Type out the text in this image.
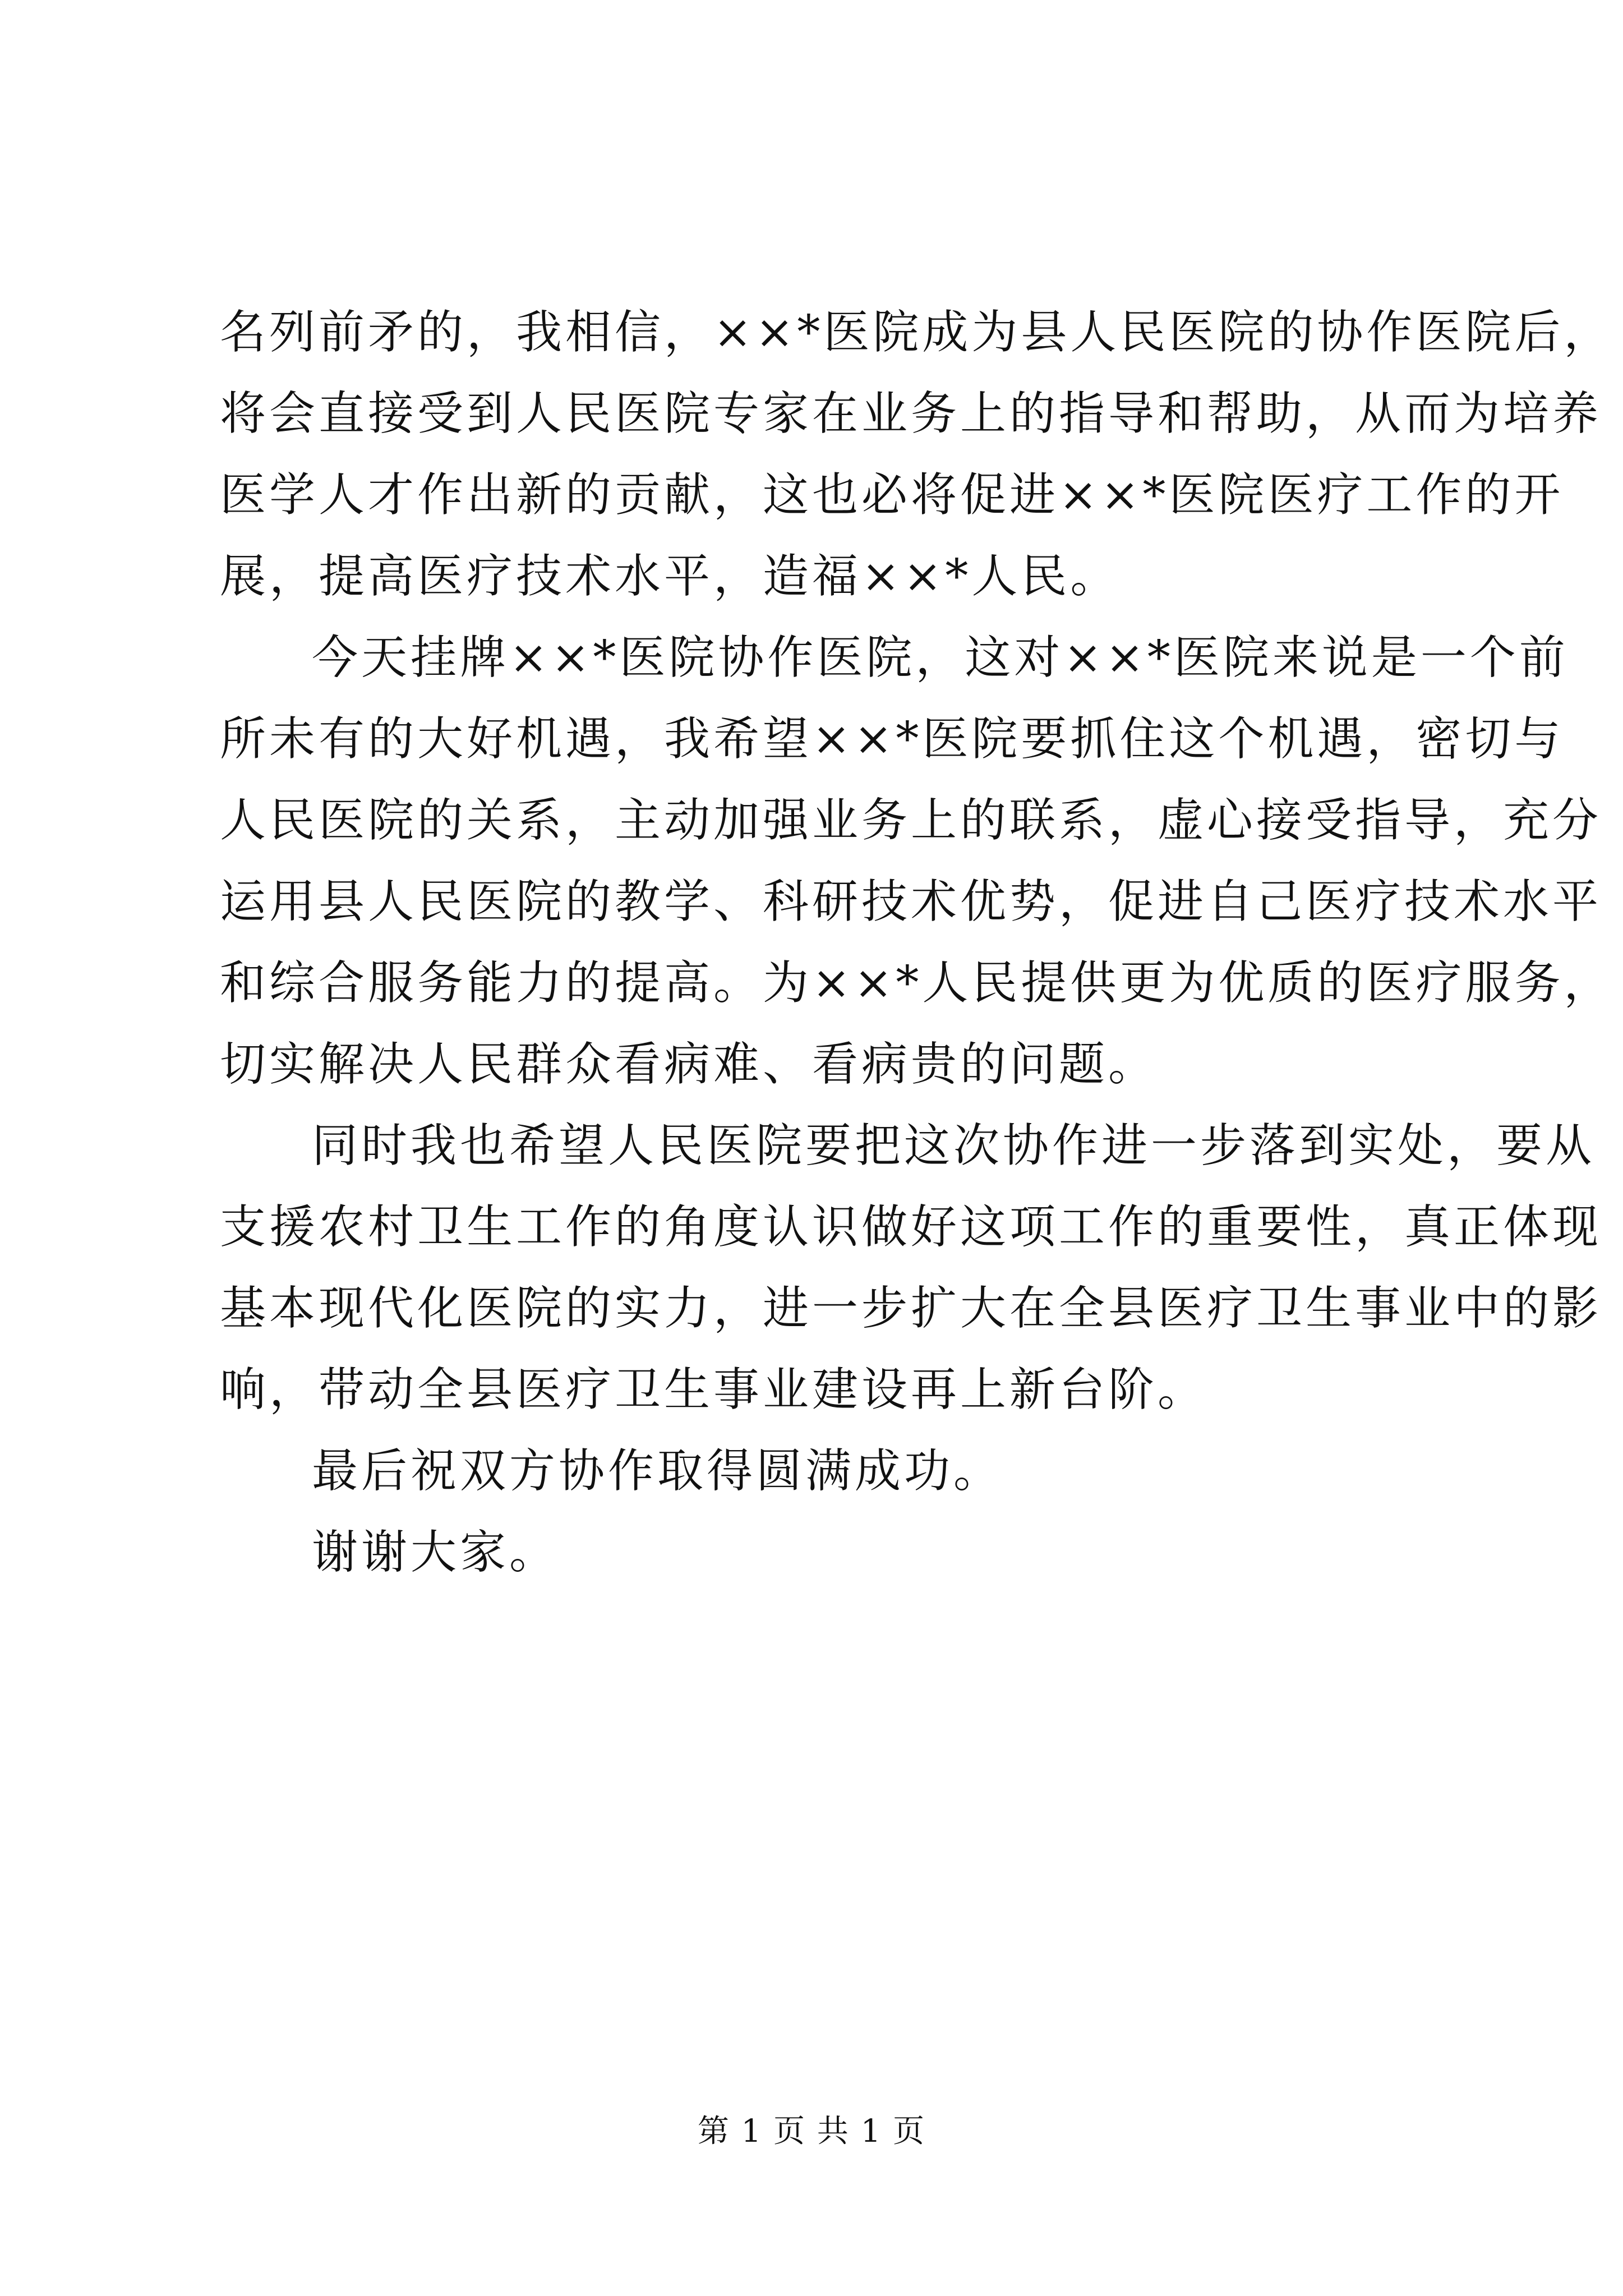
名列前矛的，我相信，××*医院成为县人民医院的协作医院后，
将会直接受到人民医院专家在业务上的指导和帮助，从而为培养
医学人才作出新的贡献，这也必将促进××*医院医疗工作的开
展，提高医疗技术水平，造福××*人民。
今天挂牌××*医院协作医院，这对××*医院来说是一个前
所未有的大好机遇，我希望××*医院要抓住这个机遇，密切与
人民医院的关系，主动加强业务上的联系，虚心接受指导，充分
运用县人民医院的教学、科研技术优势，促进自己医疗技术水平
和综合服务能力的提高。为××*人民提供更为优质的医疗服务，
切实解决人民群众看病难、看病贵的问题。
同时我也希望人民医院要把这次协作进一步落到实处，要从
支援农村卫生工作的角度认识做好这项工作的重要性，真正体现
基本现代化医院的实力，进一步扩大在全县医疗卫生事业中的影
响，带动全县医疗卫生事业建设再上新台阶。
最后祝双方协作取得圆满成功。
谢谢大家。
第 1 页 共 1 页
